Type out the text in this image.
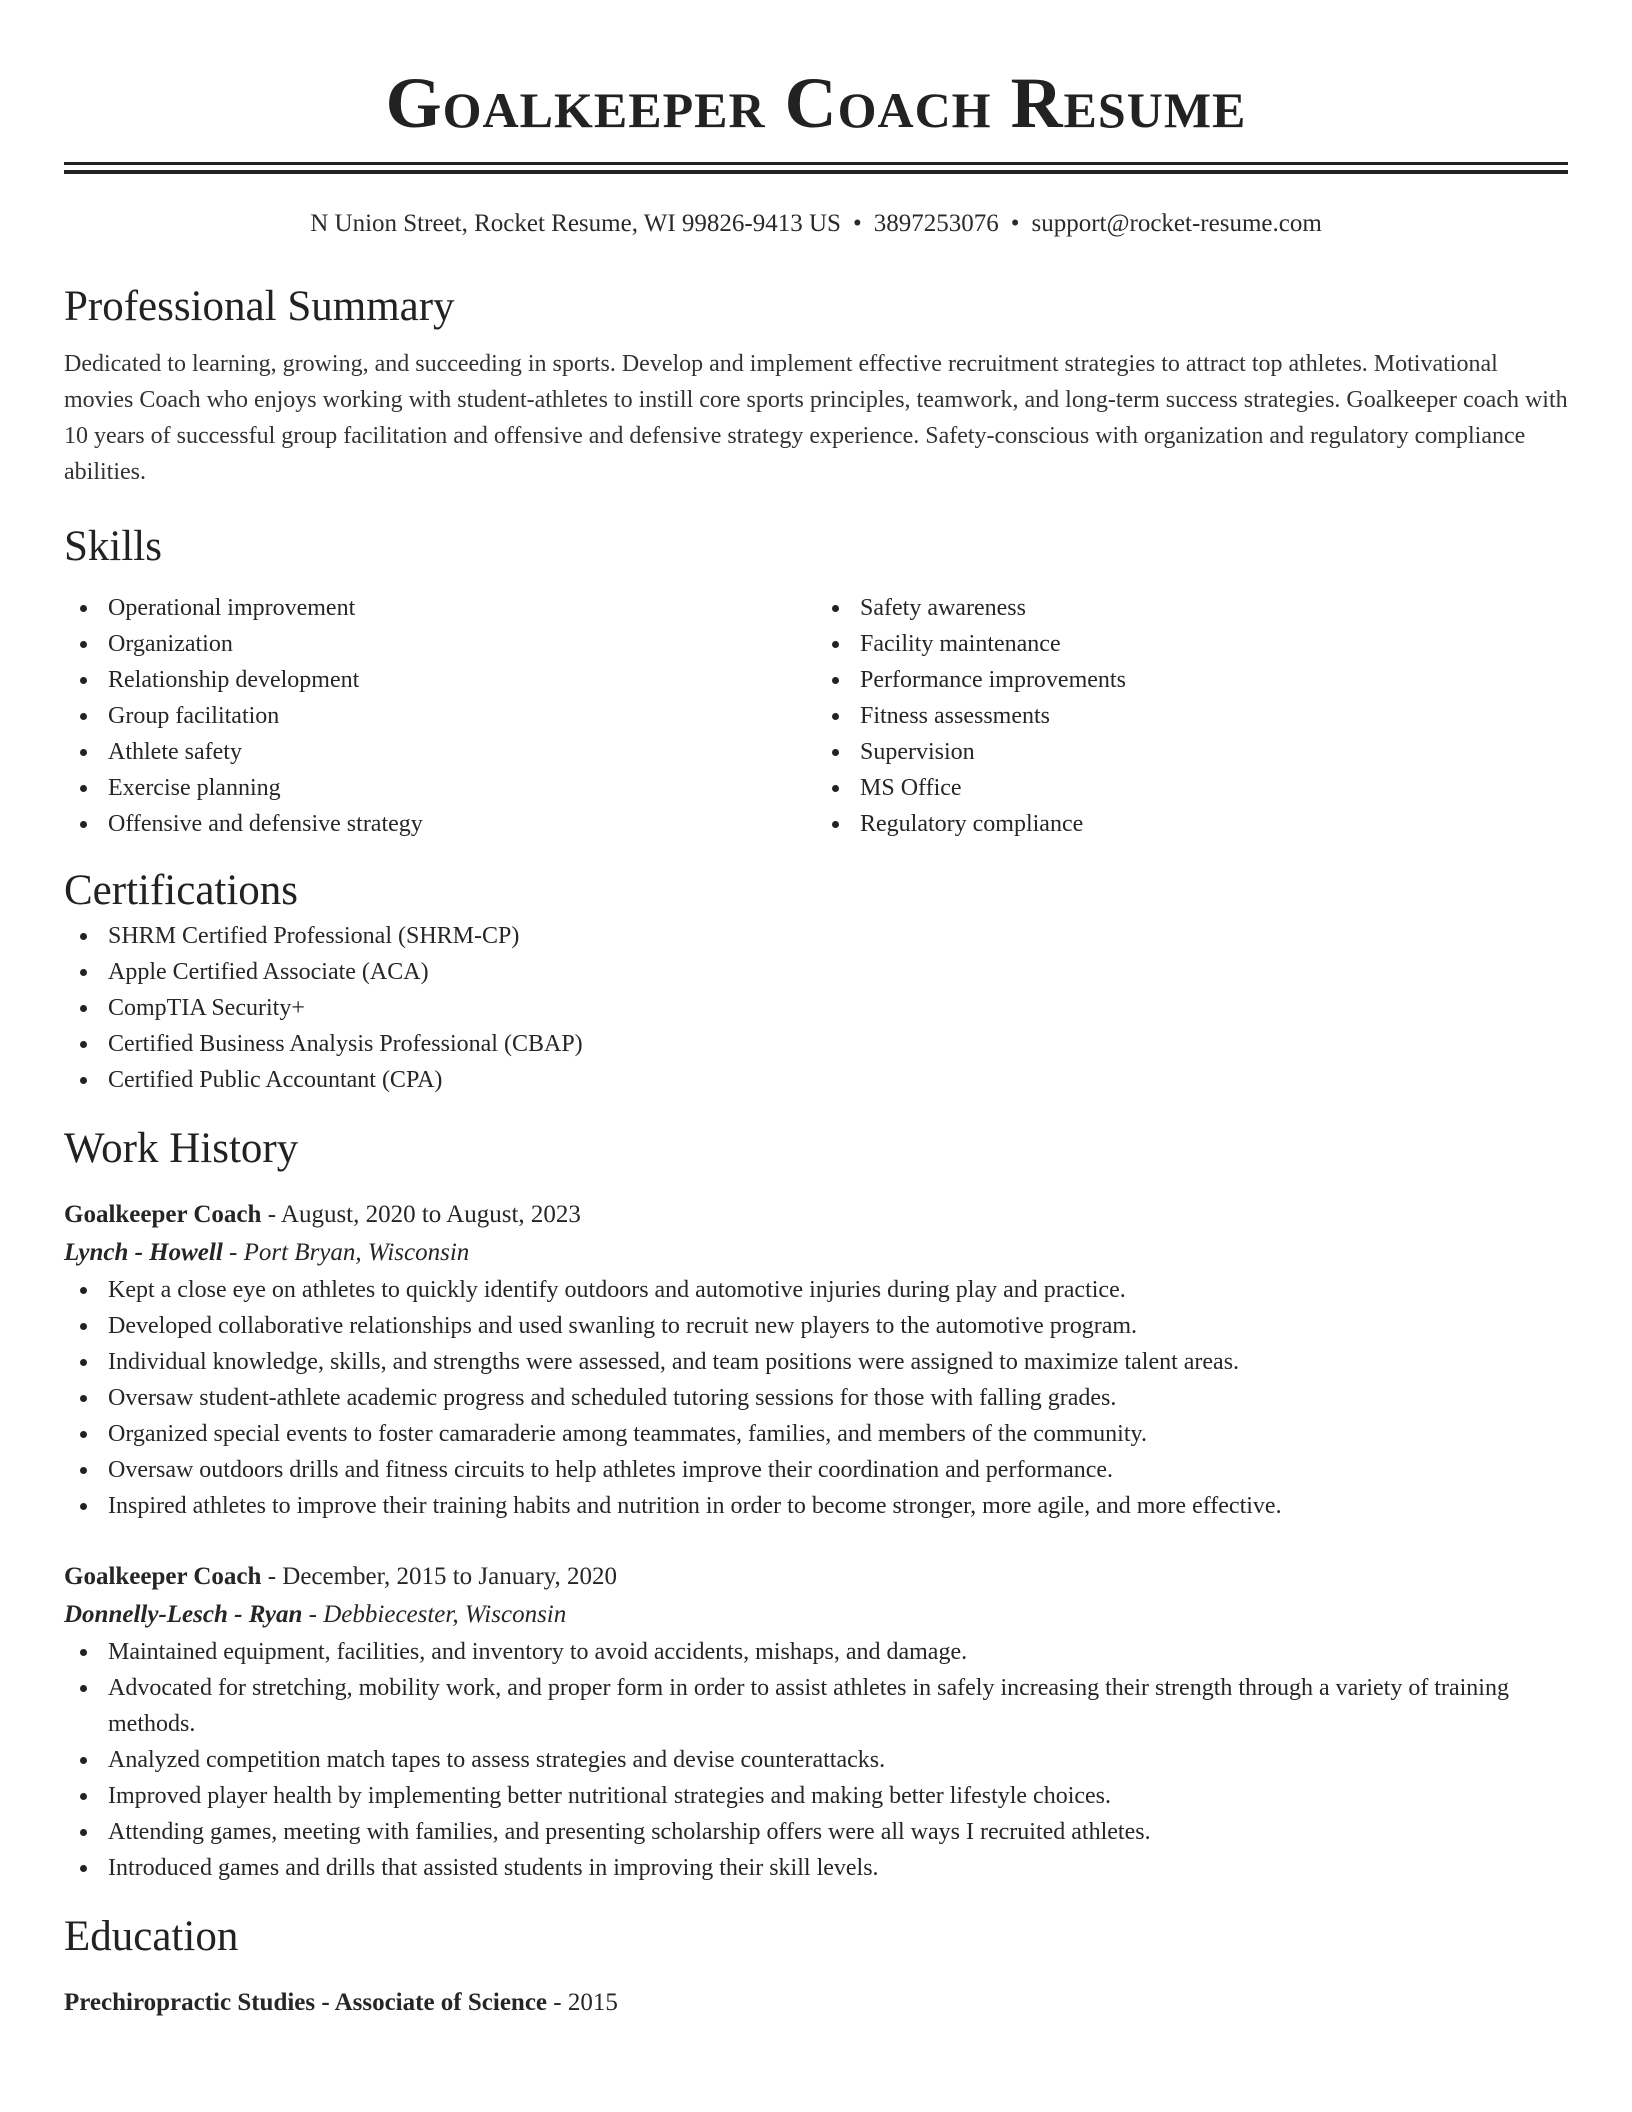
Goalkeeper Coach Resume
N Union Street, Rocket Resume, WI 99826-9413 US • 3897253076 • support@rocket-resume.com
Professional Summary

Dedicated to learning, growing, and succeeding in sports. Develop and implement effective recruitment strategies to attract top athletes. Motivational movies Coach who enjoys working with student-athletes to instill core sports principles, teamwork, and long-term success strategies. Goalkeeper coach with 10 years of successful group facilitation and offensive and defensive strategy experience. Safety-conscious with organization and regulatory compliance abilities.

Skills
Operational improvement
Organization
Relationship development
Group facilitation
Athlete safety
Exercise planning
Offensive and defensive strategy
Safety awareness
Facility maintenance
Performance improvements
Fitness assessments
Supervision
MS Office
Regulatory compliance
Certifications
SHRM Certified Professional (SHRM-CP)
Apple Certified Associate (ACA)
CompTIA Security+
Certified Business Analysis Professional (CBAP)
Certified Public Accountant (CPA)
Work History
Goalkeeper Coach - August, 2020 to August, 2023
Lynch - Howell - Port Bryan, Wisconsin
Kept a close eye on athletes to quickly identify outdoors and automotive injuries during play and practice.
Developed collaborative relationships and used swanling to recruit new players to the automotive program.
Individual knowledge, skills, and strengths were assessed, and team positions were assigned to maximize talent areas.
Oversaw student-athlete academic progress and scheduled tutoring sessions for those with falling grades.
Organized special events to foster camaraderie among teammates, families, and members of the community.
Oversaw outdoors drills and fitness circuits to help athletes improve their coordination and performance.
Inspired athletes to improve their training habits and nutrition in order to become stronger, more agile, and more effective.
Goalkeeper Coach - December, 2015 to January, 2020
Donnelly-Lesch - Ryan - Debbiecester, Wisconsin
Maintained equipment, facilities, and inventory to avoid accidents, mishaps, and damage.
Advocated for stretching, mobility work, and proper form in order to assist athletes in safely increasing their strength through a variety of training methods.
Analyzed competition match tapes to assess strategies and devise counterattacks.
Improved player health by implementing better nutritional strategies and making better lifestyle choices.
Attending games, meeting with families, and presenting scholarship offers were all ways I recruited athletes.
Introduced games and drills that assisted students in improving their skill levels.
Education
Prechiropractic Studies - Associate of Science - 2015
